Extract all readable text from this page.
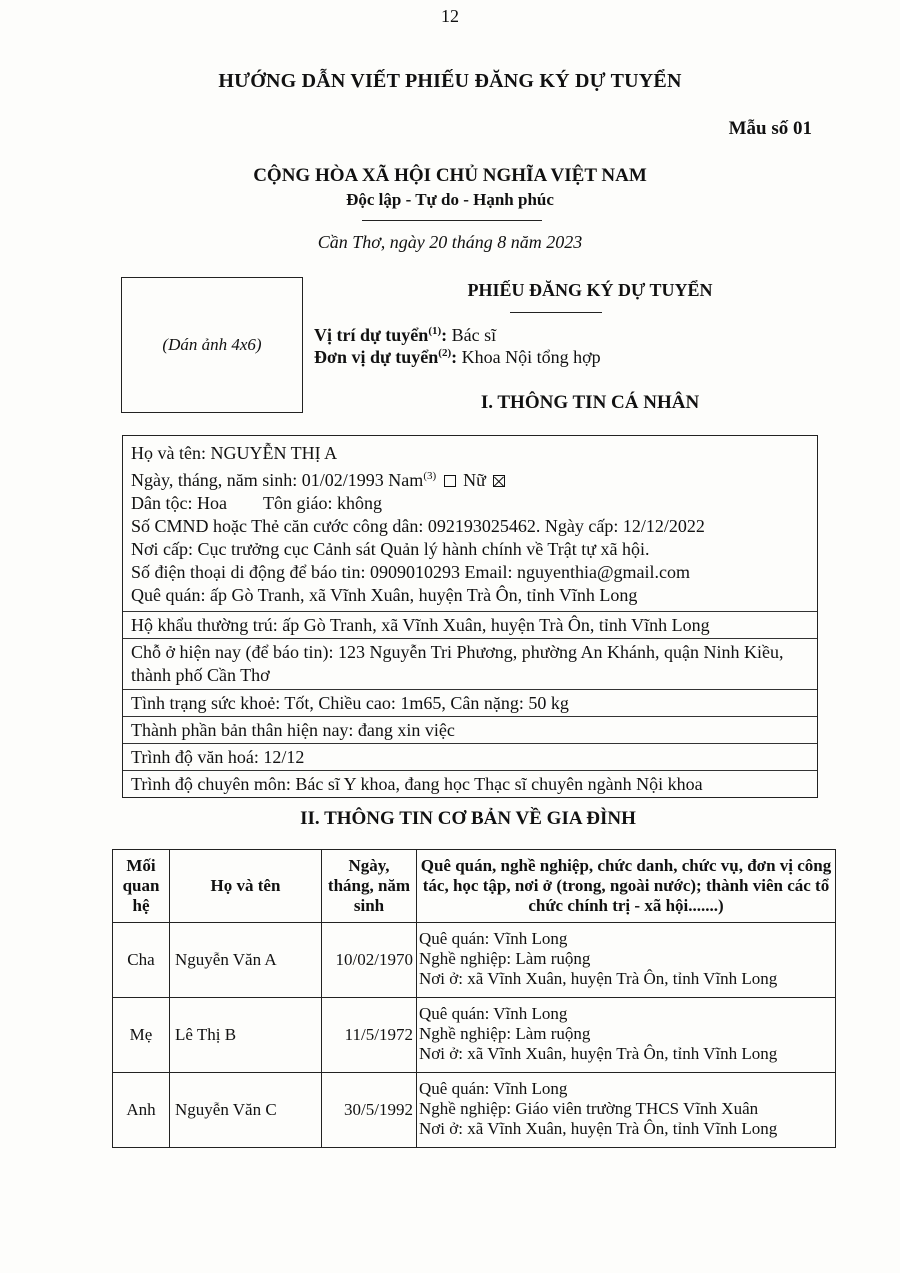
12
HƯỚNG DẪN VIẾT PHIẾU ĐĂNG KÝ DỰ TUYỂN
Mẫu số 01
CỘNG HÒA XÃ HỘI CHỦ NGHĨA VIỆT NAM
Độc lập - Tự do - Hạnh phúc
Cần Thơ, ngày 20 tháng 8 năm 2023
(Dán ảnh 4x6)
PHIẾU ĐĂNG KÝ DỰ TUYỂN
Vị trí dự tuyển$^{(1)}$: Bác sĩ
Đơn vị dự tuyển$^{(2)}$: Khoa Nội tổng hợp
I. THÔNG TIN CÁ NHÂN
Họ và tên: NGUYỄN THỊ A
Ngày, tháng, năm sinh: 01/02/1993 Nam$^{(3)}$ Nữ
Dân tộc: Hoa Tôn giáo: không
Số CMND hoặc Thẻ căn cước công dân: 092193025462. Ngày cấp: 12/12/2022
Nơi cấp: Cục trưởng cục Cảnh sát Quản lý hành chính về Trật tự xã hội.
Số điện thoại di động để báo tin: 0909010293 Email: nguyenthia@gmail.com
Quê quán: ấp Gò Tranh, xã Vĩnh Xuân, huyện Trà Ôn, tỉnh Vĩnh Long
Hộ khẩu thường trú: ấp Gò Tranh, xã Vĩnh Xuân, huyện Trà Ôn, tỉnh Vĩnh Long
Chỗ ở hiện nay (để báo tin): 123 Nguyễn Tri Phương, phường An Khánh, quận Ninh Kiều, thành phố Cần Thơ
Tình trạng sức khoẻ: Tốt, Chiều cao: 1m65, Cân nặng: 50 kg
Thành phần bản thân hiện nay: đang xin việc
Trình độ văn hoá: 12/12
Trình độ chuyên môn: Bác sĩ Y khoa, đang học Thạc sĩ chuyên ngành Nội khoa
II. THÔNG TIN CƠ BẢN VỀ GIA ĐÌNH
Mối quan hệ	Họ và tên	Ngày, tháng, năm sinh	Quê quán, nghề nghiệp, chức danh, chức vụ, đơn vị công tác, học tập, nơi ở (trong, ngoài nước); thành viên các tổ chức chính trị - xã hội.......)
Cha	Nguyễn Văn A	10/02/1970	Quê quán: Vĩnh Long
Nghề nghiệp: Làm ruộng
Nơi ở: xã Vĩnh Xuân, huyện Trà Ôn, tỉnh Vĩnh Long

Mẹ	Lê Thị B	11/5/1972	Quê quán: Vĩnh Long
Nghề nghiệp: Làm ruộng
Nơi ở: xã Vĩnh Xuân, huyện Trà Ôn, tỉnh Vĩnh Long

Anh	Nguyễn Văn C	30/5/1992	Quê quán: Vĩnh Long
Nghề nghiệp: Giáo viên trường THCS Vĩnh Xuân
Nơi ở: xã Vĩnh Xuân, huyện Trà Ôn, tỉnh Vĩnh Long
